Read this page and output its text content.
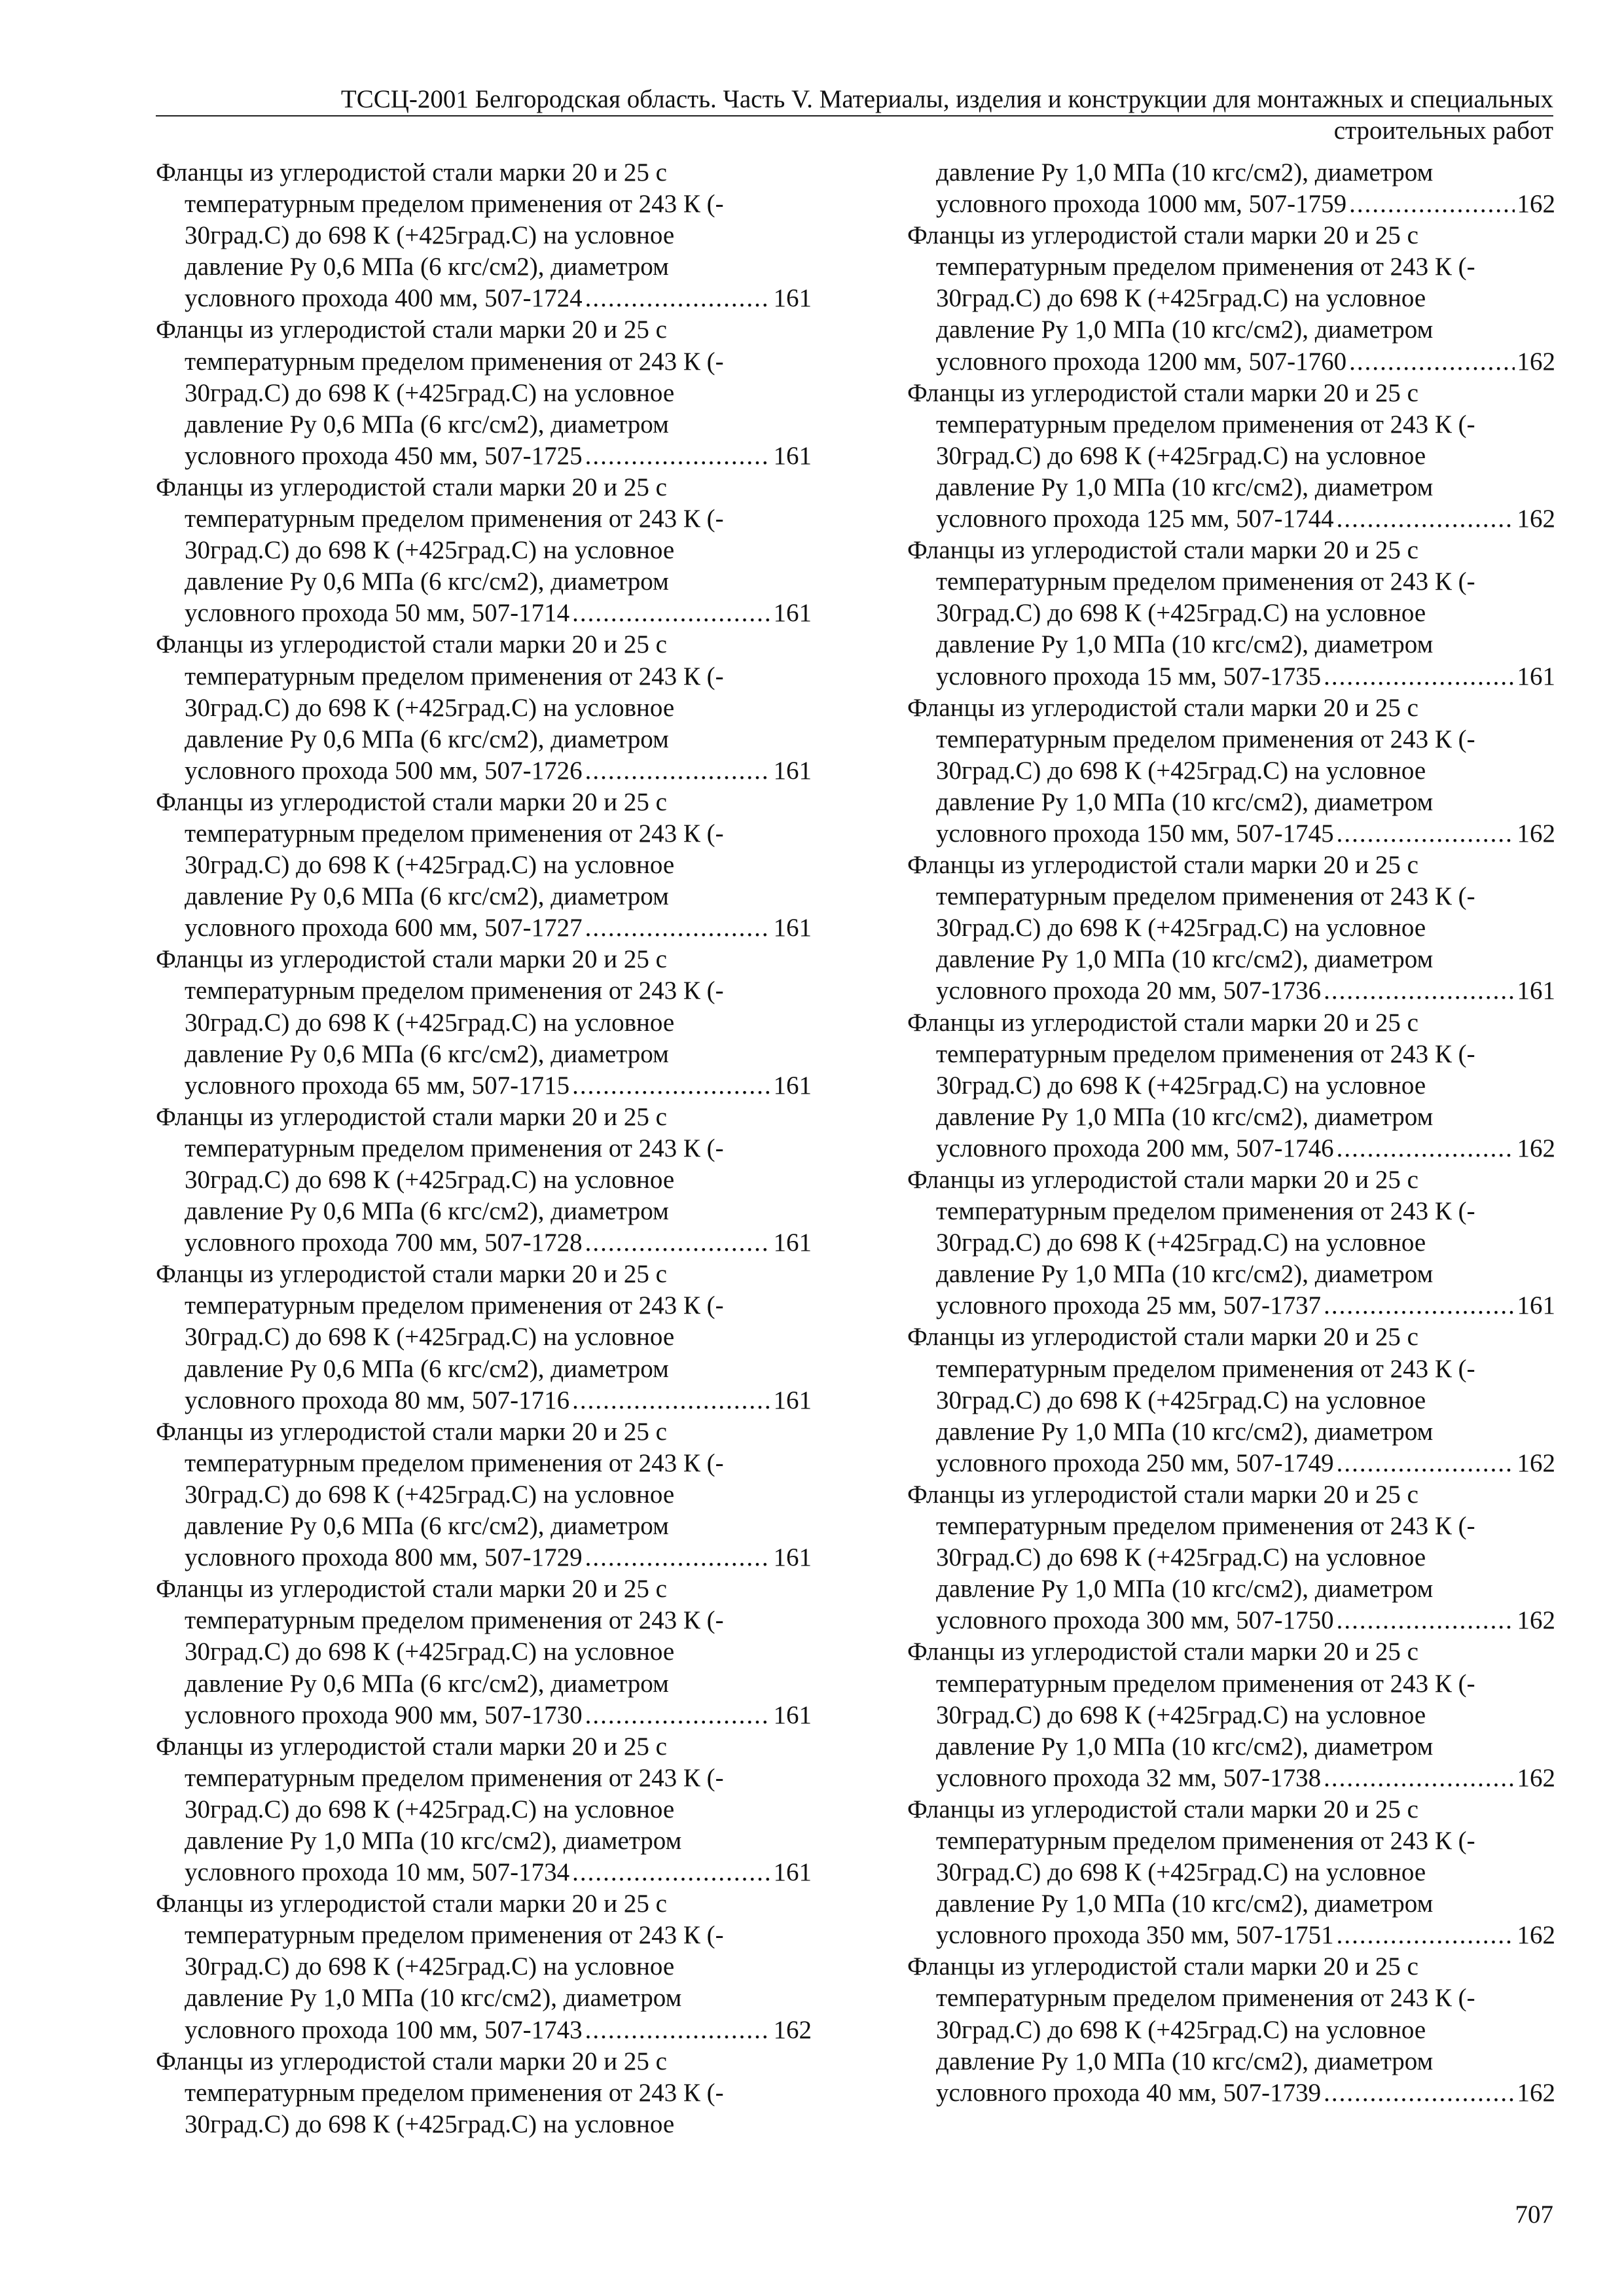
ТССЦ-2001 Белгородская область. Часть V. Материалы, изделия и конструкции для монтажных и специальных
строительных работ
Фланцы из углеродистой стали марки 20 и 25 с
температурным пределом применения от 243 К (-
30град.С) до 698 К (+425град.С) на условное
давление Ру 0,6 МПа (6 кгс/см2), диаметром
условного прохода 400 мм, 507-1724 .....	161
Фланцы из углеродистой стали марки 20 и 25 с
температурным пределом применения от 243 К (-
30град.С) до 698 К (+425град.С) на условное
давление Ру 0,6 МПа (6 кгс/см2), диаметром
условного прохода 450 мм, 507-1725 .....	161
Фланцы из углеродистой стали марки 20 и 25 с
температурным пределом применения от 243 К (-
30град.С) до 698 К (+425град.С) на условное
давление Ру 0,6 МПа (6 кгс/см2), диаметром
условного прохода 50 мм, 507-1714 .....	161
Фланцы из углеродистой стали марки 20 и 25 с
температурным пределом применения от 243 К (-
30град.С) до 698 К (+425град.С) на условное
давление Ру 0,6 МПа (6 кгс/см2), диаметром
условного прохода 500 мм, 507-1726 .....	161
Фланцы из углеродистой стали марки 20 и 25 с
температурным пределом применения от 243 К (-
30град.С) до 698 К (+425град.С) на условное
давление Ру 0,6 МПа (6 кгс/см2), диаметром
условного прохода 600 мм, 507-1727 .....	161
Фланцы из углеродистой стали марки 20 и 25 с
температурным пределом применения от 243 К (-
30град.С) до 698 К (+425град.С) на условное
давление Ру 0,6 МПа (6 кгс/см2), диаметром
условного прохода 65 мм, 507-1715 .....	161
Фланцы из углеродистой стали марки 20 и 25 с
температурным пределом применения от 243 К (-
30град.С) до 698 К (+425град.С) на условное
давление Ру 0,6 МПа (6 кгс/см2), диаметром
условного прохода 700 мм, 507-1728 .....	161
Фланцы из углеродистой стали марки 20 и 25 с
температурным пределом применения от 243 К (-
30град.С) до 698 К (+425град.С) на условное
давление Ру 0,6 МПа (6 кгс/см2), диаметром
условного прохода 80 мм, 507-1716 .....	161
Фланцы из углеродистой стали марки 20 и 25 с
температурным пределом применения от 243 К (-
30град.С) до 698 К (+425град.С) на условное
давление Ру 0,6 МПа (6 кгс/см2), диаметром
условного прохода 800 мм, 507-1729 .....	161
Фланцы из углеродистой стали марки 20 и 25 с
температурным пределом применения от 243 К (-
30град.С) до 698 К (+425град.С) на условное
давление Ру 0,6 МПа (6 кгс/см2), диаметром
условного прохода 900 мм, 507-1730 .....	161
Фланцы из углеродистой стали марки 20 и 25 с
температурным пределом применения от 243 К (-
30град.С) до 698 К (+425град.С) на условное
давление Ру 1,0 МПа (10 кгс/см2), диаметром
условного прохода 10 мм, 507-1734 .....	161
Фланцы из углеродистой стали марки 20 и 25 с
температурным пределом применения от 243 К (-
30град.С) до 698 К (+425град.С) на условное
давление Ру 1,0 МПа (10 кгс/см2), диаметром
условного прохода 100 мм, 507-1743 .....	162
Фланцы из углеродистой стали марки 20 и 25 с
температурным пределом применения от 243 К (-
30град.С) до 698 К (+425град.С) на условное
давление Ру 1,0 МПа (10 кгс/см2), диаметром
условного прохода 1000 мм, 507-1759 .....	162
Фланцы из углеродистой стали марки 20 и 25 с
температурным пределом применения от 243 К (-
30град.С) до 698 К (+425град.С) на условное
давление Ру 1,0 МПа (10 кгс/см2), диаметром
условного прохода 1200 мм, 507-1760 .....	162
Фланцы из углеродистой стали марки 20 и 25 с
температурным пределом применения от 243 К (-
30град.С) до 698 К (+425град.С) на условное
давление Ру 1,0 МПа (10 кгс/см2), диаметром
условного прохода 125 мм, 507-1744 .....	162
Фланцы из углеродистой стали марки 20 и 25 с
температурным пределом применения от 243 К (-
30град.С) до 698 К (+425град.С) на условное
давление Ру 1,0 МПа (10 кгс/см2), диаметром
условного прохода 15 мм, 507-1735 .....	161
Фланцы из углеродистой стали марки 20 и 25 с
температурным пределом применения от 243 К (-
30град.С) до 698 К (+425град.С) на условное
давление Ру 1,0 МПа (10 кгс/см2), диаметром
условного прохода 150 мм, 507-1745 .....	162
Фланцы из углеродистой стали марки 20 и 25 с
температурным пределом применения от 243 К (-
30град.С) до 698 К (+425град.С) на условное
давление Ру 1,0 МПа (10 кгс/см2), диаметром
условного прохода 20 мм, 507-1736 .....	161
Фланцы из углеродистой стали марки 20 и 25 с
температурным пределом применения от 243 К (-
30град.С) до 698 К (+425град.С) на условное
давление Ру 1,0 МПа (10 кгс/см2), диаметром
условного прохода 200 мм, 507-1746 .....	162
Фланцы из углеродистой стали марки 20 и 25 с
температурным пределом применения от 243 К (-
30град.С) до 698 К (+425град.С) на условное
давление Ру 1,0 МПа (10 кгс/см2), диаметром
условного прохода 25 мм, 507-1737 .....	161
Фланцы из углеродистой стали марки 20 и 25 с
температурным пределом применения от 243 К (-
30град.С) до 698 К (+425град.С) на условное
давление Ру 1,0 МПа (10 кгс/см2), диаметром
условного прохода 250 мм, 507-1749 .....	162
Фланцы из углеродистой стали марки 20 и 25 с
температурным пределом применения от 243 К (-
30град.С) до 698 К (+425град.С) на условное
давление Ру 1,0 МПа (10 кгс/см2), диаметром
условного прохода 300 мм, 507-1750 .....	162
Фланцы из углеродистой стали марки 20 и 25 с
температурным пределом применения от 243 К (-
30град.С) до 698 К (+425град.С) на условное
давление Ру 1,0 МПа (10 кгс/см2), диаметром
условного прохода 32 мм, 507-1738 .....	162
Фланцы из углеродистой стали марки 20 и 25 с
температурным пределом применения от 243 К (-
30град.С) до 698 К (+425град.С) на условное
давление Ру 1,0 МПа (10 кгс/см2), диаметром
условного прохода 350 мм, 507-1751 .....	162
Фланцы из углеродистой стали марки 20 и 25 с
температурным пределом применения от 243 К (-
30град.С) до 698 К (+425град.С) на условное
давление Ру 1,0 МПа (10 кгс/см2), диаметром
условного прохода 40 мм, 507-1739 .....	162
707
